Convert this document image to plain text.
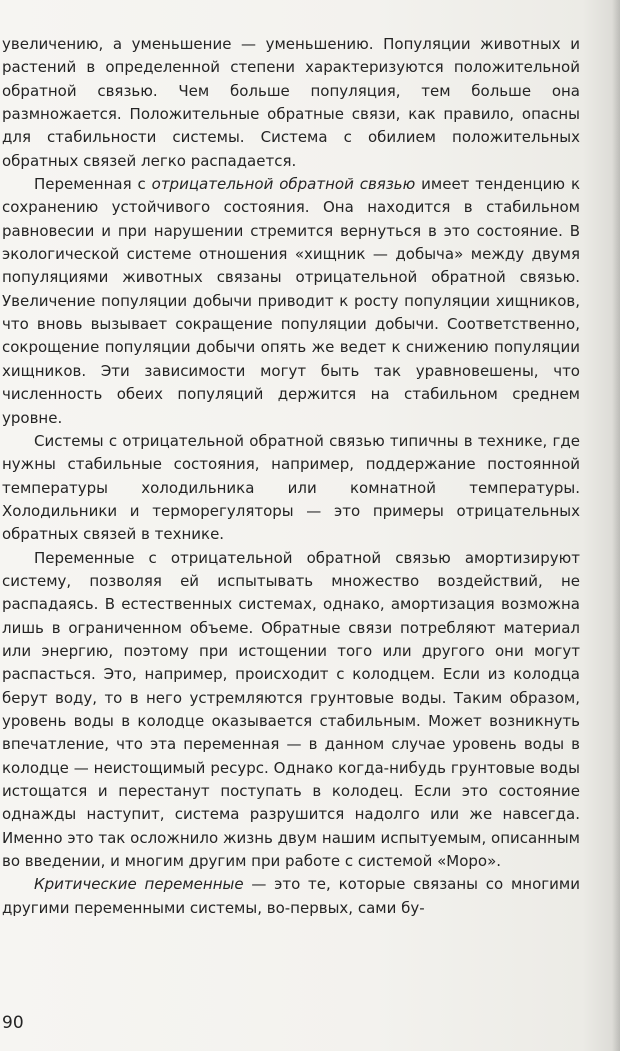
увеличению, а уменьшение — уменьшению. Популяции животных и растений в определенной степени характеризуются положительной обратной связью. Чем больше популяция, тем больше она размножается. Положительные обратные связи, как правило, опасны для стабильности системы. Система с обилием положительных обратных связей легко распадается.

Переменная с отрицательной обратной связью имеет тенденцию к сохранению устойчивого состояния. Она находится в стабильном равновесии и при нарушении стремится вернуться в это состояние. В экологической системе отношения «хищник — добыча» между двумя популяциями животных связаны отрицательной обратной связью. Увеличение популяции добычи приводит к росту популяции хищников, что вновь вызывает сокращение популяции добычи. Соответственно, сокрощение популяции добычи опять же ведет к снижению популяции хищников. Эти зависимости могут быть так уравновешены, что численность обеих популяций держится на стабильном среднем уровне.

Системы с отрицательной обратной связью типичны в технике, где нужны стабильные состояния, например, поддержание постоянной температуры холодильника или комнатной температуры. Холодильники и терморегуляторы — это примеры отрицательных обратных связей в технике.

Переменные с отрицательной обратной связью амортизируют систему, позволяя ей испытывать множество воздействий, не распадаясь. В естественных системах, однако, амортизация возможна лишь в ограниченном объеме. Обратные связи потребляют материал или энергию, поэтому при истощении того или другого они могут распасться. Это, например, происходит с колодцем. Если из колодца берут воду, то в него устремляются грунтовые воды. Таким образом, уровень воды в колодце оказывается стабильным. Может возникнуть впечатление, что эта переменная — в данном случае уровень воды в колодце — неистощимый ресурс. Однако когда-нибудь грунтовые воды истощатся и перестанут поступать в колодец. Если это состояние однажды наступит, система разрушится надолго или же навсегда. Именно это так осложнило жизнь двум нашим испытуемым, описанным во введении, и многим другим при работе с системой «Моро».

Критические переменные — это те, которые связаны со многими другими переменными системы, во-первых, сами бу-

90
